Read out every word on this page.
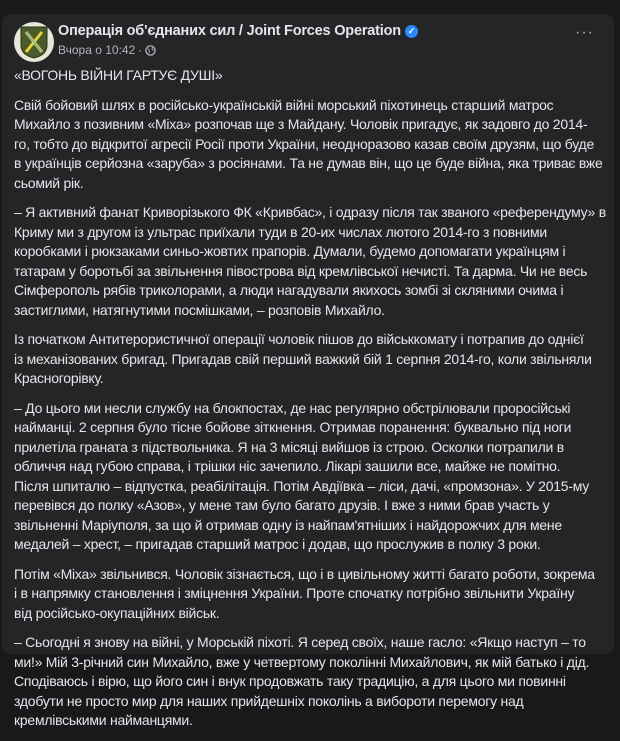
Операція об'єднаних сил / Joint Forces Operation ✓
Вчора о 10:42 ·
···
«ВОГОНЬ ВІЙНИ ГАРТУЄ ДУШІ»
Свій бойовий шлях в російсько-українській війні морський піхотинець старший матрос
Михайло з позивним «Міха» розпочав ще з Майдану. Чоловік пригадує, як задовго до 2014-
го, тобто до відкритої агресії Росії проти України, неодноразово казав своїм друзям, що буде
в українців серйозна «заруба» з росіянами. Та не думав він, що це буде війна, яка триває вже
сьомий рік.
– Я активний фанат Криворізького ФК «Кривбас», і одразу після так званого «референдуму» в
Криму ми з другом із ультрас приїхали туди в 20-их числах лютого 2014-го з повними
коробками і рюкзаками синьо-жовтих прапорів. Думали, будемо допомагати українцям і
татарам у боротьбі за звільнення півострова від кремлівської нечисті. Та дарма. Чи не весь
Сімферополь рябів триколорами, а люди нагадували якихось зомбі зі скляними очима і
застиглими, натягнутими посмішками, – розповів Михайло.
Із початком Антитерористичної операції чоловік пішов до військкомату і потрапив до однієї
із механізованих бригад. Пригадав свій перший важкий бій 1 серпня 2014-го, коли звільняли
Красногорівку.
– До цього ми несли службу на блокпостах, де нас регулярно обстрілювали проросійські
найманці. 2 серпня було тісне бойове зіткнення. Отримав поранення: буквально під ноги
прилетіла граната з підствольника. Я на 3 місяці вийшов із строю. Осколки потрапили в
обличчя над губою справа, і трішки ніс зачепило. Лікарі зашили все, майже не помітно.
Після шпиталю – відпустка, реабілітація. Потім Авдіївка – ліси, дачі, «промзона». У 2015-му
перевівся до полку «Азов», у мене там було багато друзів. І вже з ними брав участь у
звільненні Маріуполя, за що й отримав одну із найпам'ятніших і найдорожчих для мене
медалей – хрест, – пригадав старший матрос і додав, що прослужив в полку 3 роки.
Потім «Міха» звільнився. Чоловік зізнається, що і в цивільному житті багато роботи, зокрема
і в напрямку становлення і зміцнення України. Проте спочатку потрібно звільнити Україну
від російсько-окупаційних військ.
– Сьогодні я знову на війні, у Морській піхоті. Я серед своїх, наше гасло: «Якщо наступ – то
ми!» Мій 3-річний син Михайло, вже у четвертому поколінні Михайлович, як мій батько і дід.
Сподіваюсь і вірю, що його син і внук продовжать таку традицію, а для цього ми повинні
здобути не просто мир для наших прийдешніх поколінь а вибороти перемогу над
кремлівськими найманцями.
